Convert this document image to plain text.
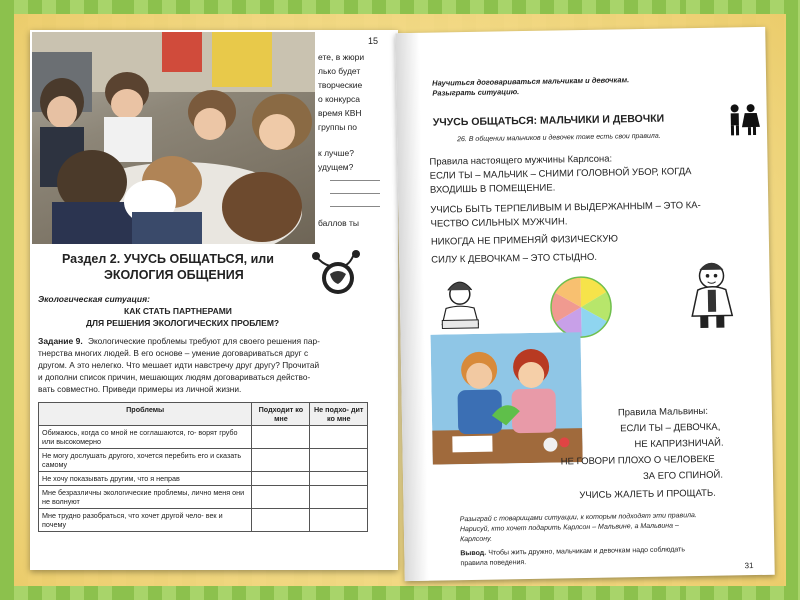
15
ете, в жюри
лько будет
творческие
о конкурса
время КВН
группы по
к лучше?
удущем?
баллов ты
Раздел 2. УЧУСЬ ОБЩАТЬСЯ, или
ЭКОЛОГИЯ ОБЩЕНИЯ
Экологическая ситуация:
КАК СТАТЬ ПАРТНЕРАМИ
ДЛЯ РЕШЕНИЯ ЭКОЛОГИЧЕСКИХ ПРОБЛЕМ?
Задание 9. Экологические проблемы требуют для своего решения пар-
тнерства многих людей. В его основе – умение договариваться друг с
другом. А это нелегко. Что мешает идти навстречу друг другу? Прочитай
и дополни список причин, мешающих людям договариваться действо-
вать совместно. Приведи примеры из личной жизни.
Проблемы	Подходит ко мне	Не подхо- дит ко мне
Обижаюсь, когда со мной не соглашаются, го- ворят грубо или высокомерно		
Не могу дослушать другого, хочется перебить его и сказать самому		
Не хочу показывать другим, что я неправ		
Мне безразличны экологические проблемы, лично меня они не волнуют		
Мне трудно разобраться, что хочет другой чело- век и почему		
Научиться договариваться мальчикам и девочкам.
Разыграть ситуацию.
УЧУСЬ ОБЩАТЬСЯ: МАЛЬЧИКИ И ДЕВОЧКИ
26. В общении мальчиков и девочек тоже есть свои правила.
Правила настоящего мужчины Карлсона:
ЕСЛИ ТЫ – МАЛЬЧИК – СНИМИ ГОЛОВНОЙ УБОР, КОГДА
ВХОДИШЬ В ПОМЕЩЕНИЕ.
УЧИСЬ БЫТЬ ТЕРПЕЛИВЫМ И ВЫДЕРЖАННЫМ – ЭТО КА-
ЧЕСТВО СИЛЬНЫХ МУЖЧИН.
НИКОГДА НЕ ПРИМЕНЯЙ ФИЗИЧЕСКУЮ
СИЛУ К ДЕВОЧКАМ – ЭТО СТЫДНО.
Правила Мальвины:
ЕСЛИ ТЫ – ДЕВОЧКА,
НЕ КАПРИЗНИЧАЙ.
НЕ ГОВОРИ ПЛОХО О ЧЕЛОВЕКЕ
ЗА ЕГО СПИНОЙ.
УЧИСЬ ЖАЛЕТЬ И ПРОЩАТЬ.
Разыграй с товарищами ситуации, к которым подходят эти правила.
Нарисуй, кто хочет подарить Карлсон – Мальвине, а Мальвина –
Карлсону.
Вывод. Чтобы жить дружно, мальчикам и девочкам надо соблюдать
правила поведения.	31
